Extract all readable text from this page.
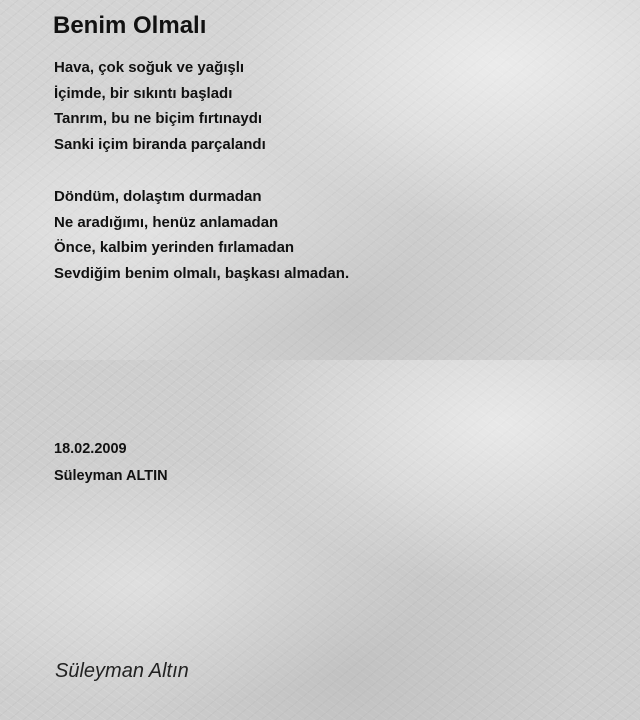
Benim Olmalı
Hava, çok soğuk ve yağışlı
İçimde, bir sıkıntı başladı
Tanrım, bu ne biçim fırtınaydı
Sanki içim biranda parçalandı
Döndüm, dolaştım durmadan
Ne aradığımı, henüz anlamadan
Önce, kalbim yerinden fırlamadan
Sevdiğim benim olmalı, başkası almadan.
18.02.2009
Süleyman ALTIN
Süleyman Altın
